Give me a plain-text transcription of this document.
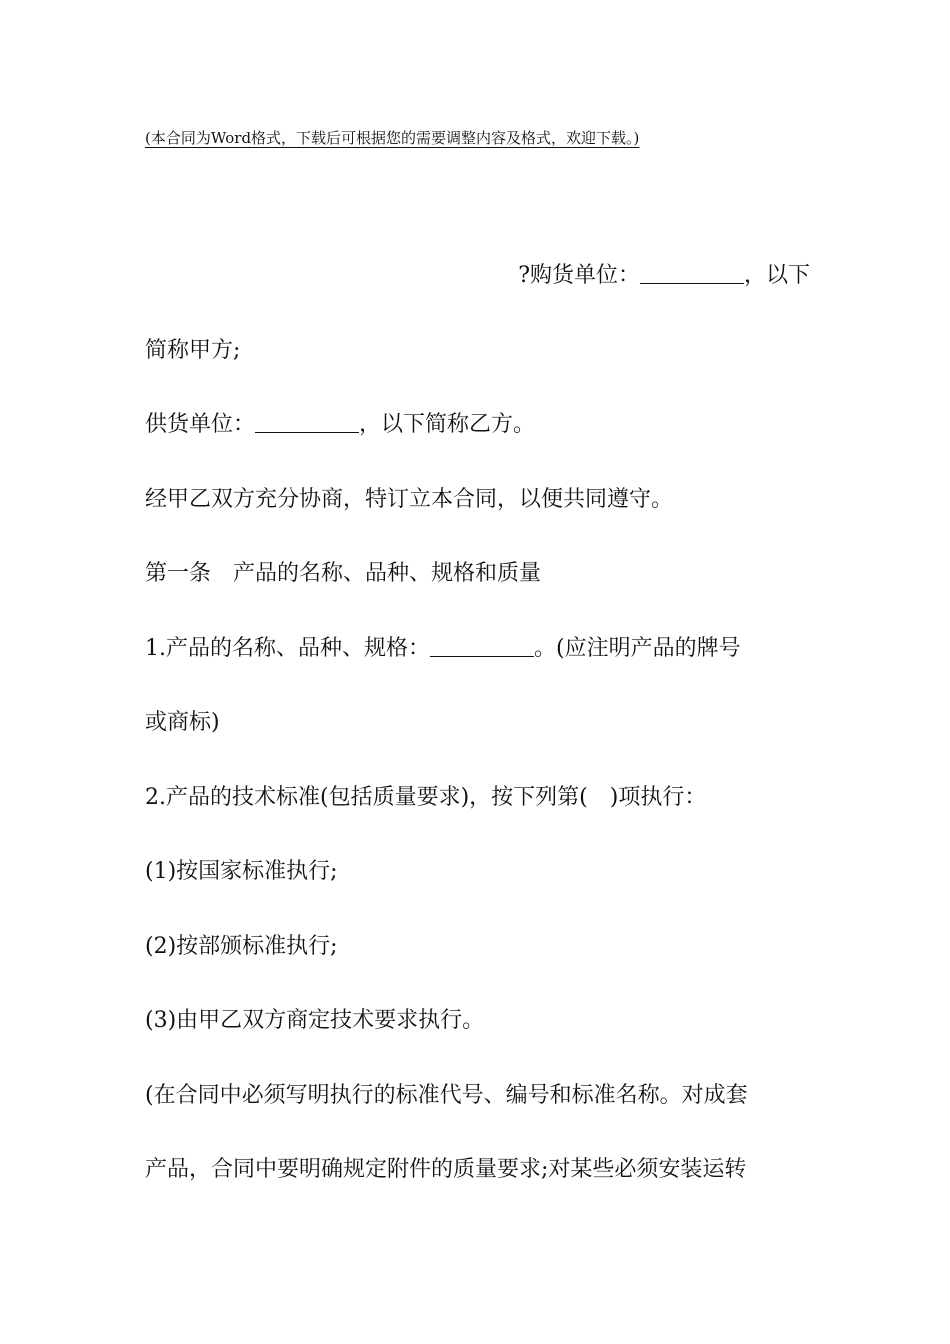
(本合同为Word格式，下载后可根据您的需要调整内容及格式，欢迎下载。)
?购货单位：	，以下
简称甲方;
供货单位：	，以下简称乙方。
经甲乙双方充分协商，特订立本合同，以便共同遵守。
第一条　产品的名称、品种、规格和质量
1.产品的名称、品种、规格：	。(应注明产品的牌号
或商标)
2.产品的技术标准(包括质量要求)，按下列第(　)项执行：
(1)按国家标准执行;
(2)按部颁标准执行;
(3)由甲乙双方商定技术要求执行。
(在合同中必须写明执行的标准代号、编号和标准名称。对成套
产品，合同中要明确规定附件的质量要求;对某些必须安装运转
